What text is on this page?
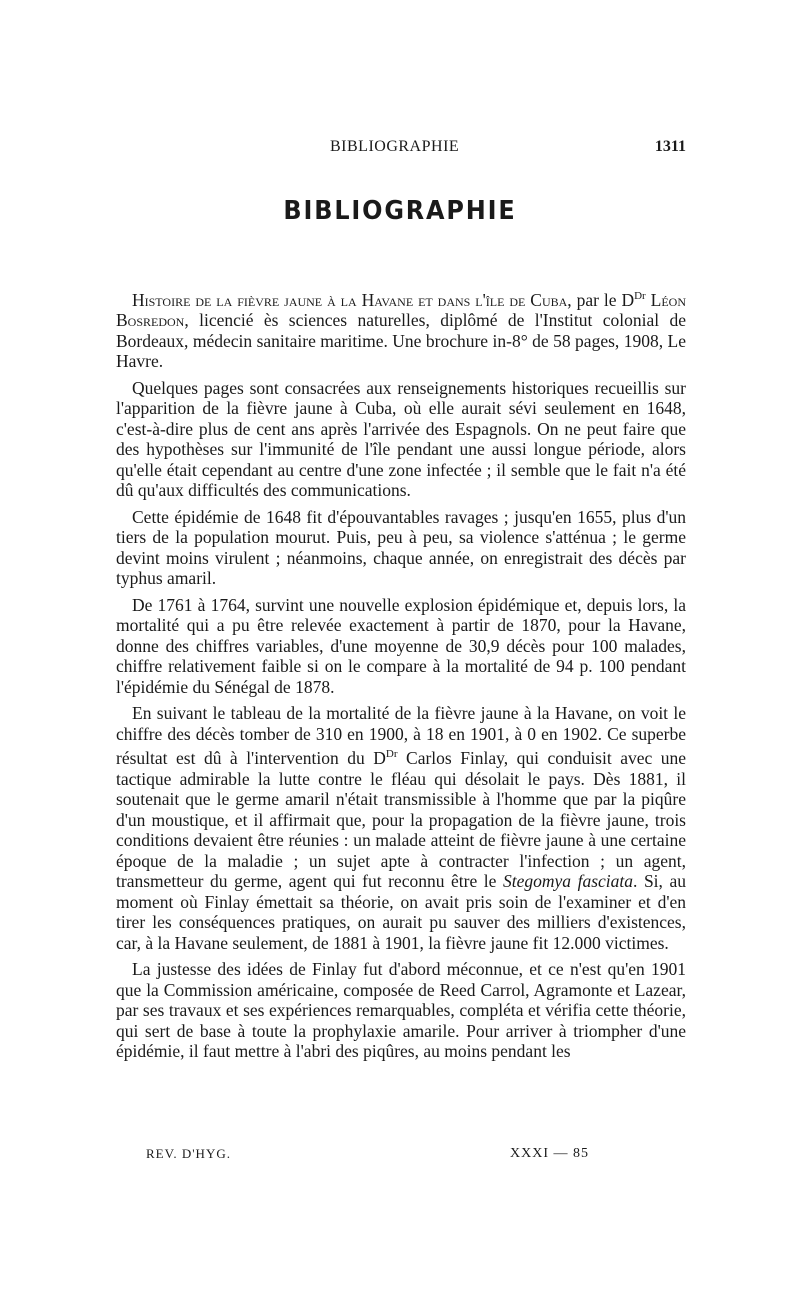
BIBLIOGRAPHIE	1311
BIBLIOGRAPHIE

Histoire de la fièvre jaune à la Havane et dans l'île de Cuba, par le $D^{Dr}$ Léon Bosredon, licencié ès sciences naturelles, diplômé de l'Institut colonial de Bordeaux, médecin sanitaire maritime. Une brochure in-8° de 58 pages, 1908, Le Havre.

Quelques pages sont consacrées aux renseignements historiques recueillis sur l'apparition de la fièvre jaune à Cuba, où elle aurait sévi seulement en 1648, c'est-à-dire plus de cent ans après l'arrivée des Espagnols. On ne peut faire que des hypothèses sur l'immunité de l'île pendant une aussi longue période, alors qu'elle était cependant au centre d'une zone infectée ; il semble que le fait n'a été dû qu'aux difficultés des communications.

Cette épidémie de 1648 fit d'épouvantables ravages ; jusqu'en 1655, plus d'un tiers de la population mourut. Puis, peu à peu, sa violence s'atténua ; le germe devint moins virulent ; néanmoins, chaque année, on enregistrait des décès par typhus amaril.

De 1761 à 1764, survint une nouvelle explosion épidémique et, depuis lors, la mortalité qui a pu être relevée exactement à partir de 1870, pour la Havane, donne des chiffres variables, d'une moyenne de 30,9 décès pour 100 malades, chiffre relativement faible si on le compare à la mortalité de 94 p. 100 pendant l'épidémie du Sénégal de 1878.

En suivant le tableau de la mortalité de la fièvre jaune à la Havane, on voit le chiffre des décès tomber de 310 en 1900, à 18 en 1901, à 0 en 1902. Ce superbe résultat est dû à l'intervention du $D^{Dr}$ Carlos Finlay, qui conduisit avec une tactique admirable la lutte contre le fléau qui désolait le pays. Dès 1881, il soutenait que le germe amaril n'était transmissible à l'homme que par la piqûre d'un moustique, et il affirmait que, pour la propagation de la fièvre jaune, trois conditions devaient être réunies : un malade atteint de fièvre jaune à une certaine époque de la maladie ; un sujet apte à contracter l'infection ; un agent, transmetteur du germe, agent qui fut reconnu être le Stegomya fasciata. Si, au moment où Finlay émettait sa théorie, on avait pris soin de l'examiner et d'en tirer les conséquences pratiques, on aurait pu sauver des milliers d'existences, car, à la Havane seulement, de 1881 à 1901, la fièvre jaune fit 12.000 victimes.

La justesse des idées de Finlay fut d'abord méconnue, et ce n'est qu'en 1901 que la Commission américaine, composée de Reed Carrol, Agramonte et Lazear, par ses travaux et ses expériences remarquables, compléta et vérifia cette théorie, qui sert de base à toute la prophylaxie amarile. Pour arriver à triompher d'une épidémie, il faut mettre à l'abri des piqûres, au moins pendant les

REV. D'HYG.	XXXI — 85
